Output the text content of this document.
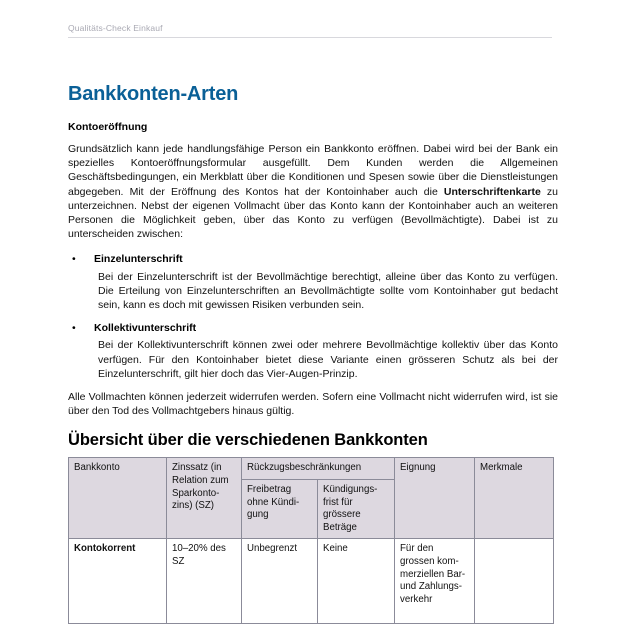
Qualitäts-Check Einkauf
Bankkonten-Arten
Kontoeröffnung

Grundsätzlich kann jede handlungsfähige Person ein Bankkonto eröffnen. Dabei wird bei der Bank ein spezielles Kontoeröffnungsformular ausgefüllt. Dem Kunden werden die Allgemeinen Geschäftsbedingungen, ein Merkblatt über die Konditionen und Spesen sowie über die Dienstleistungen abgegeben. Mit der Eröffnung des Kontos hat der Kontoinhaber auch die Unterschriftenkarte zu unterzeichnen. Nebst der eigenen Vollmacht über das Konto kann der Kontoinhaber auch an weiteren Personen die Möglichkeit geben, über das Konto zu verfügen (Bevollmächtigte). Dabei ist zu unterscheiden zwischen:

•	Einzelunterschrift
Bei der Einzelunterschrift ist der Bevollmächtige berechtigt, alleine über das Konto zu verfügen. Die Erteilung von Einzelunterschriften an Bevollmächtigte sollte vom Kontoinhaber gut bedacht sein, kann es doch mit gewissen Risiken verbunden sein.
•	Kollektivunterschrift
Bei der Kollektivunterschrift können zwei oder mehrere Bevollmächtige kollektiv über das Konto verfügen. Für den Kontoinhaber bietet diese Variante einen grösseren Schutz als bei der Einzelunterschrift, gilt hier doch das Vier-Augen-Prinzip.

Alle Vollmachten können jederzeit widerrufen werden. Sofern eine Vollmacht nicht widerrufen wird, ist sie über den Tod des Vollmachtgebers hinaus gültig.

Übersicht über die verschiedenen Bankkonten
Bankkonto	Zinssatz (in Relation zum Sparkonto-zins) (SZ)	Rückzugsbeschränkungen		Eignung	Merkmale
		Freibetrag ohne Kündi-gung	Kündigungs-frist für grössere Beträge		
Kontokorrent	10–20% des SZ	Unbegrenzt	Keine	Für den grossen kom-merziellen Bar- und Zahlungs-verkehr	
